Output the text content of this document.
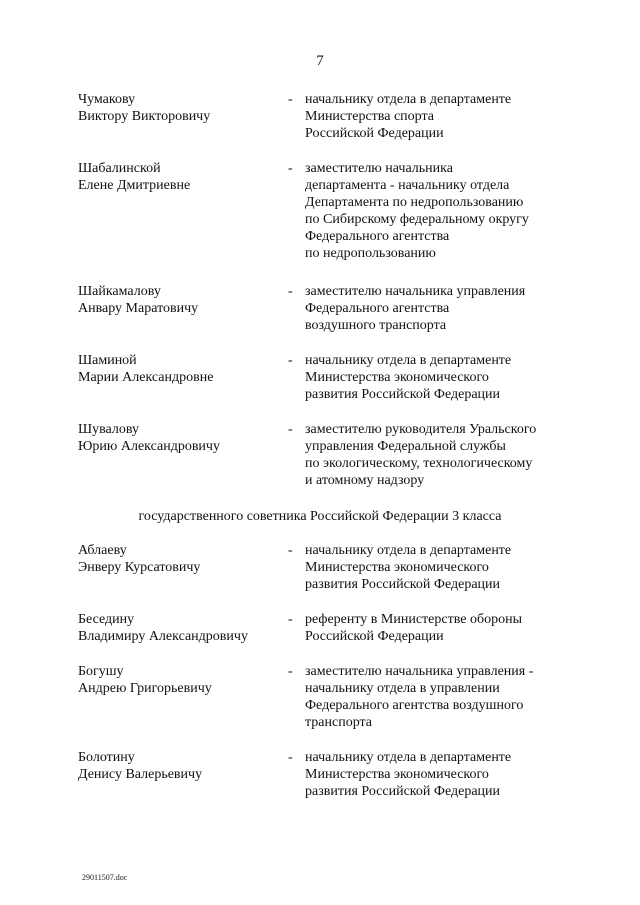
7
Чумакову
Виктору Викторовичу
- начальнику отдела в департаменте
Министерства спорта
Российской Федерации
Шабалинской
Елене Дмитриевне
- заместителю начальника
департамента - начальнику отдела
Департамента по недропользованию
по Сибирскому федеральному округу
Федерального агентства
по недропользованию
Шайкамалову
Анвару Маратовичу
- заместителю начальника управления
Федерального агентства
воздушного транспорта
Шаминой
Марии Александровне
- начальнику отдела в департаменте
Министерства экономического
развития Российской Федерации
Шувалову
Юрию Александровичу
- заместителю руководителя Уральского
управления Федеральной службы
по экологическому, технологическому
и атомному надзору
государственного советника Российской Федерации 3 класса
Аблаеву
Энверу Курсатовичу
- начальнику отдела в департаменте
Министерства экономического
развития Российской Федерации
Бесединy
Владимиру Александровичу
- референту в Министерстве обороны
Российской Федерации
Богушу
Андрею Григорьевичу
- заместителю начальника управления -
начальнику отдела в управлении
Федерального агентства воздушного
транспорта
Болотину
Денису Валерьевичу
- начальнику отдела в департаменте
Министерства экономического
развития Российской Федерации
29011507.doc
